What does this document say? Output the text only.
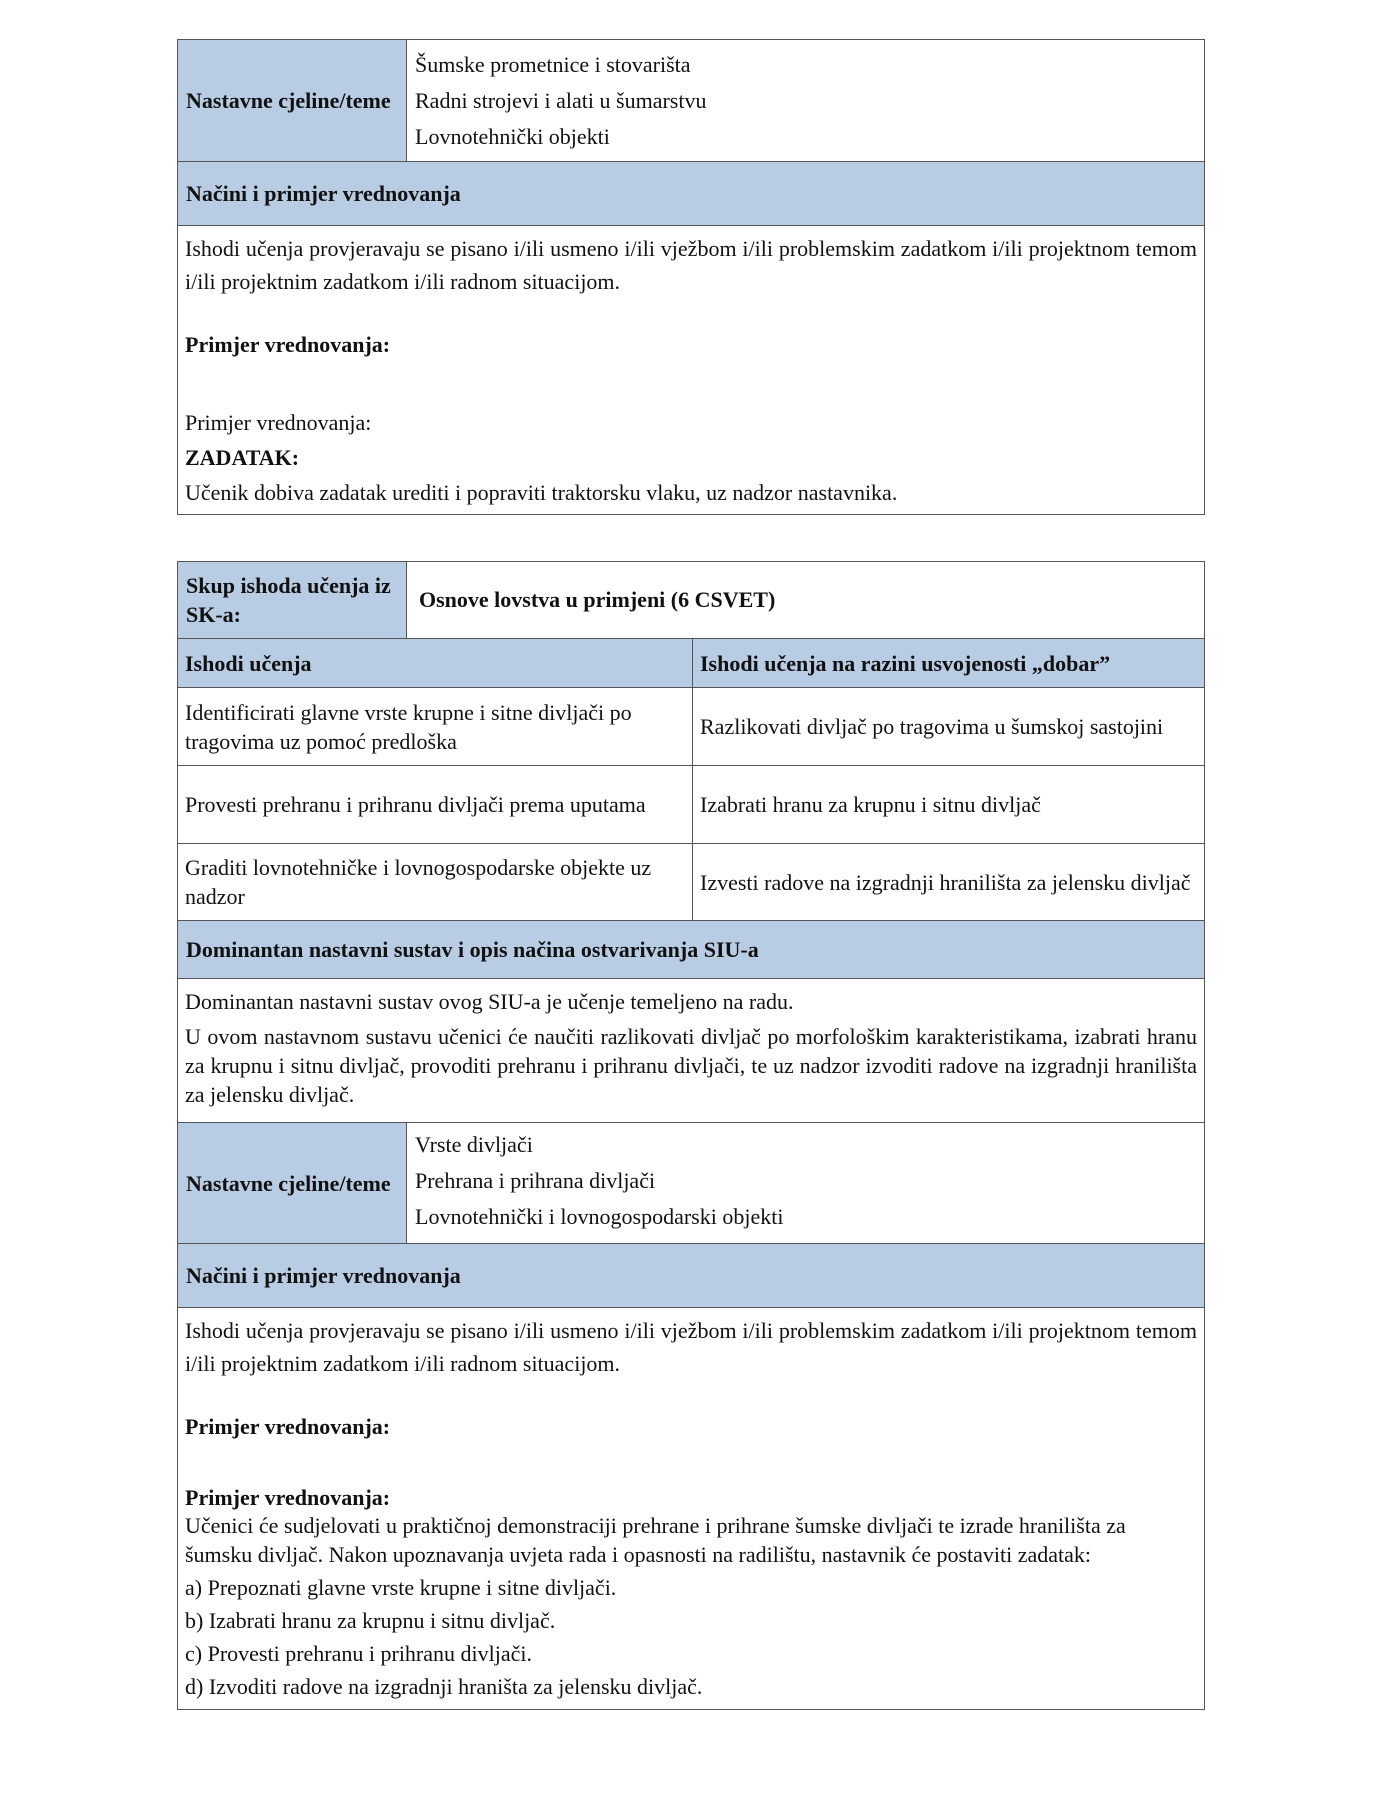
Nastavne cjeline/teme

Šumske prometnice i stovarišta

Radni strojevi i alati u šumarstvu

Lovnotehnički objekti

Načini i primjer vrednovanja

Ishodi učenja provjeravaju se pisano i/ili usmeno i/ili vježbom i/ili problemskim zadatkom i/ili projektnom temom i/ili projektnim zadatkom i/ili radnom situacijom.

Primjer vrednovanja:

Primjer vrednovanja:

ZADATAK:

Učenik dobiva zadatak urediti i popraviti traktorsku vlaku, uz nadzor nastavnika.

Skup ishoda učenja iz SK-a:
Osnove lovstva u primjeni (6 CSVET)
Ishodi učenja	Ishodi učenja na razini usvojenosti „dobar”
Identificirati glavne vrste krupne i sitne divljači po tragovima uz pomoć predloška
Razlikovati divljač po tragovima u šumskoj sastojini
Provesti prehranu i prihranu divljači prema uputama	Izabrati hranu za krupnu i sitnu divljač
Graditi lovnotehničke i lovnogospodarske objekte uz nadzor
Izvesti radove na izgradnji hranilišta za jelensku divljač
Dominantan nastavni sustav i opis načina ostvarivanja SIU-a

Dominantan nastavni sustav ovog SIU-a je učenje temeljeno na radu.

U ovom nastavnom sustavu učenici će naučiti razlikovati divljač po morfološkim karakteristikama, izabrati hranu za krupnu i sitnu divljač, provoditi prehranu i prihranu divljači, te uz nadzor izvoditi radove na izgradnji hranilišta za jelensku divljač.

Nastavne cjeline/teme

Vrste divljači

Prehrana i prihrana divljači

Lovnotehnički i lovnogospodarski objekti

Načini i primjer vrednovanja

Ishodi učenja provjeravaju se pisano i/ili usmeno i/ili vježbom i/ili problemskim zadatkom i/ili projektnom temom i/ili projektnim zadatkom i/ili radnom situacijom.

Primjer vrednovanja:

Primjer vrednovanja:

Učenici će sudjelovati u praktičnoj demonstraciji prehrane i prihrane šumske divljači te izrade hranilišta za šumsku divljač. Nakon upoznavanja uvjeta rada i opasnosti na radilištu, nastavnik će postaviti zadatak:

a) Prepoznati glavne vrste krupne i sitne divljači.

b) Izabrati hranu za krupnu i sitnu divljač.

c) Provesti prehranu i prihranu divljači.

d) Izvoditi radove na izgradnji hraništa za jelensku divljač.
